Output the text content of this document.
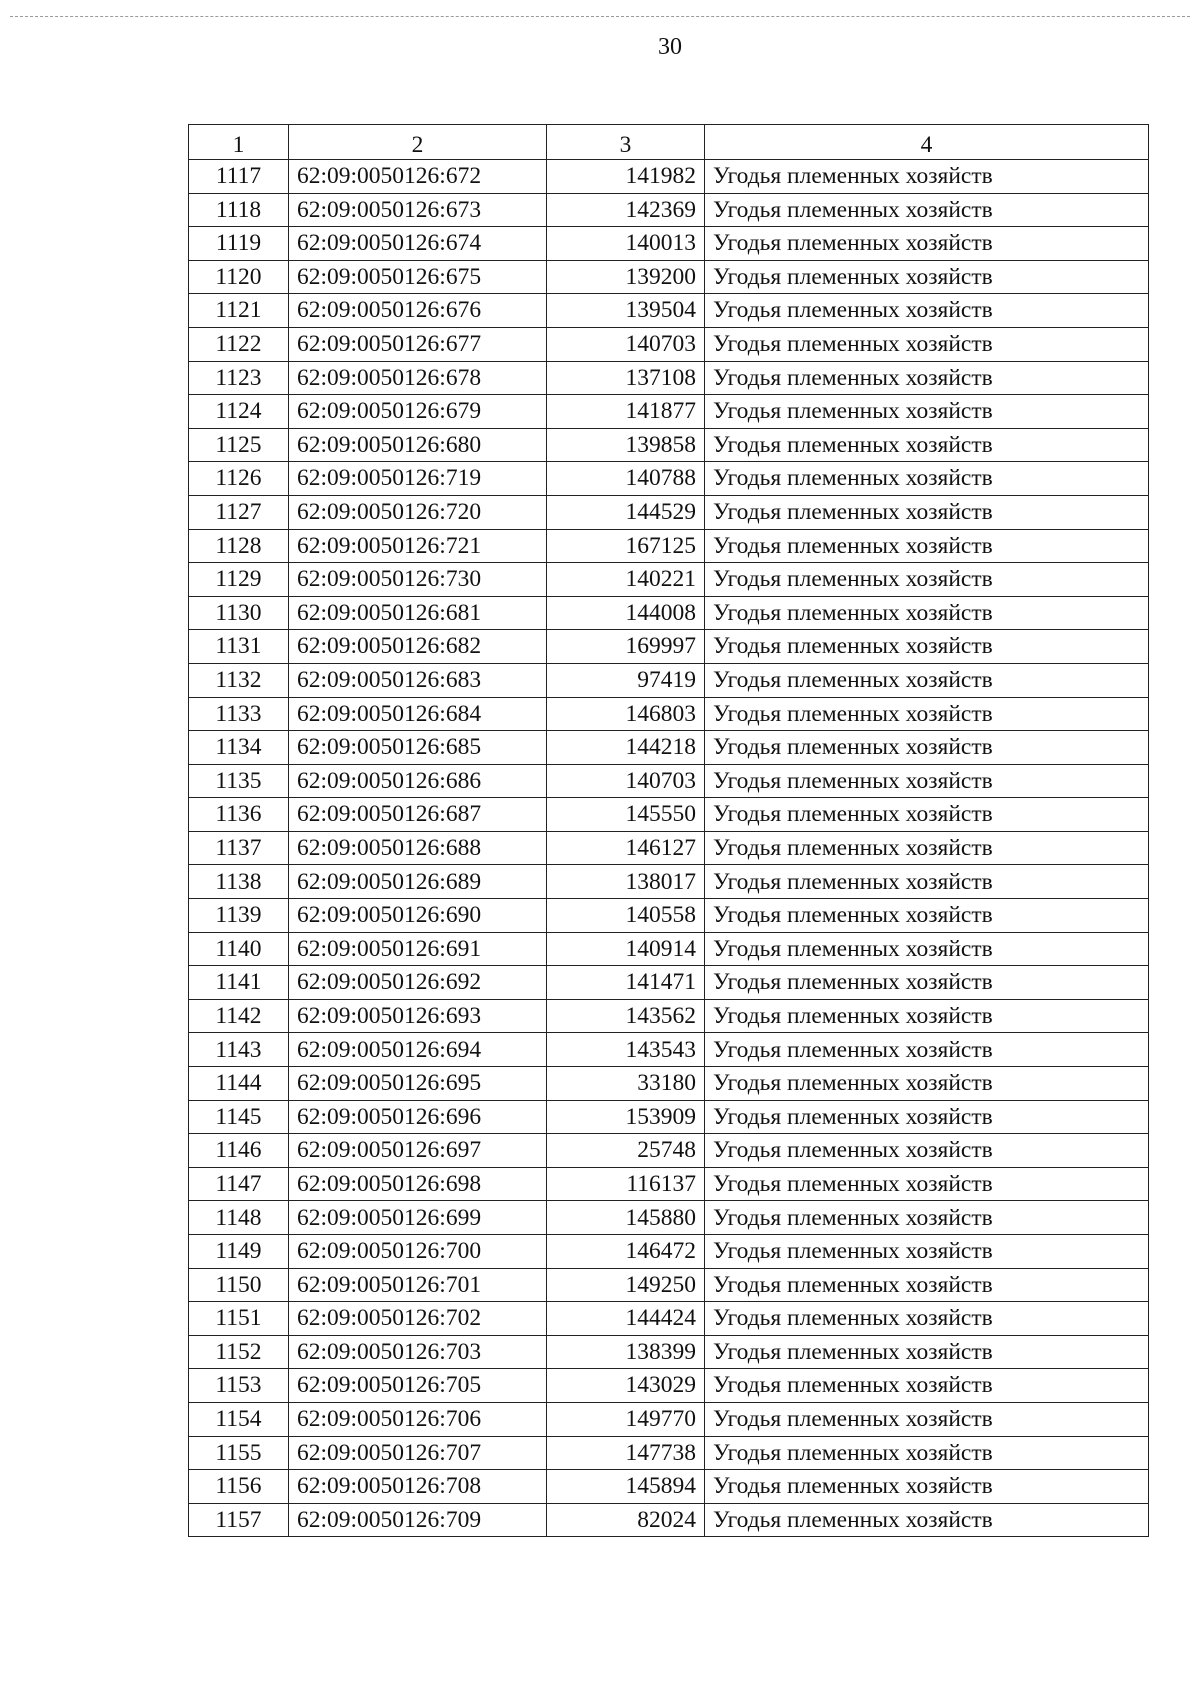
30
1	2	3	4
1117	62:09:0050126:672	141982	Угодья племенных хозяйств
1118	62:09:0050126:673	142369	Угодья племенных хозяйств
1119	62:09:0050126:674	140013	Угодья племенных хозяйств
1120	62:09:0050126:675	139200	Угодья племенных хозяйств
1121	62:09:0050126:676	139504	Угодья племенных хозяйств
1122	62:09:0050126:677	140703	Угодья племенных хозяйств
1123	62:09:0050126:678	137108	Угодья племенных хозяйств
1124	62:09:0050126:679	141877	Угодья племенных хозяйств
1125	62:09:0050126:680	139858	Угодья племенных хозяйств
1126	62:09:0050126:719	140788	Угодья племенных хозяйств
1127	62:09:0050126:720	144529	Угодья племенных хозяйств
1128	62:09:0050126:721	167125	Угодья племенных хозяйств
1129	62:09:0050126:730	140221	Угодья племенных хозяйств
1130	62:09:0050126:681	144008	Угодья племенных хозяйств
1131	62:09:0050126:682	169997	Угодья племенных хозяйств
1132	62:09:0050126:683	97419	Угодья племенных хозяйств
1133	62:09:0050126:684	146803	Угодья племенных хозяйств
1134	62:09:0050126:685	144218	Угодья племенных хозяйств
1135	62:09:0050126:686	140703	Угодья племенных хозяйств
1136	62:09:0050126:687	145550	Угодья племенных хозяйств
1137	62:09:0050126:688	146127	Угодья племенных хозяйств
1138	62:09:0050126:689	138017	Угодья племенных хозяйств
1139	62:09:0050126:690	140558	Угодья племенных хозяйств
1140	62:09:0050126:691	140914	Угодья племенных хозяйств
1141	62:09:0050126:692	141471	Угодья племенных хозяйств
1142	62:09:0050126:693	143562	Угодья племенных хозяйств
1143	62:09:0050126:694	143543	Угодья племенных хозяйств
1144	62:09:0050126:695	33180	Угодья племенных хозяйств
1145	62:09:0050126:696	153909	Угодья племенных хозяйств
1146	62:09:0050126:697	25748	Угодья племенных хозяйств
1147	62:09:0050126:698	116137	Угодья племенных хозяйств
1148	62:09:0050126:699	145880	Угодья племенных хозяйств
1149	62:09:0050126:700	146472	Угодья племенных хозяйств
1150	62:09:0050126:701	149250	Угодья племенных хозяйств
1151	62:09:0050126:702	144424	Угодья племенных хозяйств
1152	62:09:0050126:703	138399	Угодья племенных хозяйств
1153	62:09:0050126:705	143029	Угодья племенных хозяйств
1154	62:09:0050126:706	149770	Угодья племенных хозяйств
1155	62:09:0050126:707	147738	Угодья племенных хозяйств
1156	62:09:0050126:708	145894	Угодья племенных хозяйств
1157	62:09:0050126:709	82024	Угодья племенных хозяйств
